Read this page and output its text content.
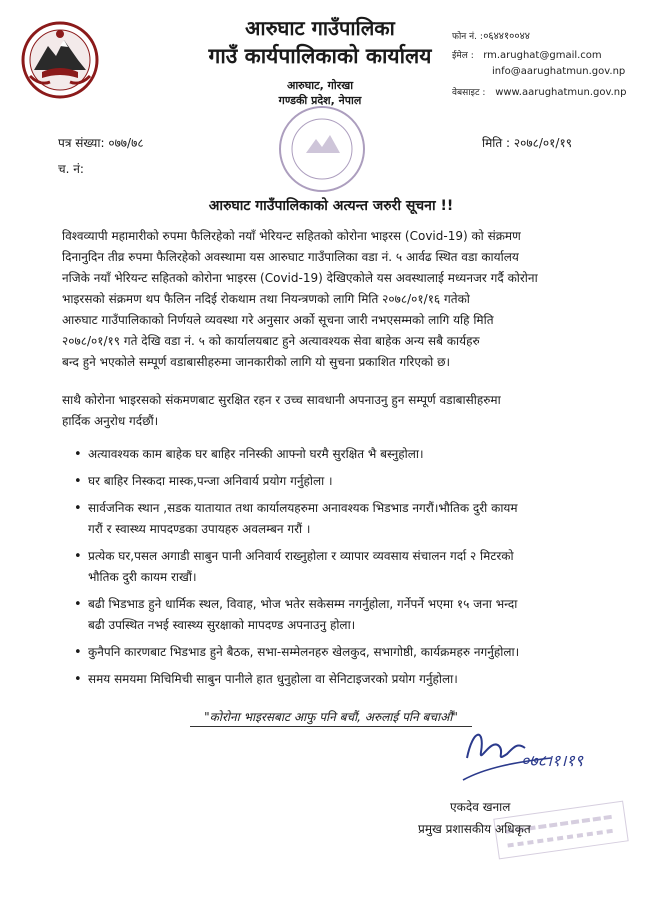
आरुघाट गाउँपालिका
गाउँ कार्यपालिकाको कार्यालय
आरुघाट, गोरखा
गण्डकी प्रदेश, नेपाल
फोन नं. : ०६४४१००४४
ईमेल : rm.arughat@gmail.com
info@aarughatmun.gov.np
वेबसाइट : www.aarughatmun.gov.np
पत्र संख्या: ०७७/७८
च. नं:
मिति : २०७८/०१/१९
आरुघाट गाउँपालिकाको अत्यन्त जरुरी सूचना !!
विश्वव्यापी महामारीको रुपमा फैलिरहेको नयाँ भेरियन्ट सहितको कोरोना भाइरस (Covid-19) को संक्रमण
दिनानुदिन तीव्र रुपमा फैलिरहेको अवस्थामा यस आरुघाट गाउँपालिका वडा नं. ५ आर्वढ स्थित वडा कार्यालय
नजिके नयाँ भेरियन्ट सहितको कोरोना भाइरस (Covid-19) देखिएकोले यस अवस्थालाई मध्यनजर गर्दै कोरोना
भाइरसको संक्रमण थप फैलिन नदिई रोकथाम तथा नियन्त्रणको लागि मिति २०७८/०१/१६ गतेको
आरुघाट गाउँपालिकाको निर्णयले व्यवस्था गरे अनुसार अर्को सूचना जारी नभएसम्मको लागि यहि मिति
२०७८/०१/१९ गते देखि वडा नं. ५ को कार्यालयबाट हुने अत्यावश्यक सेवा बाहेक अन्य सबै कार्यहरु
बन्द हुने भएकोले सम्पूर्ण वडाबासीहरुमा जानकारीको लागि यो सुचना प्रकाशित गरिएको छ।
साथै कोरोना भाइरसको संकमणबाट सुरक्षित रहन र उच्च सावधानी अपनाउनु हुन सम्पूर्ण वडाबासीहरुमा
हार्दिक अनुरोध गर्दछौं।
• अत्यावश्यक काम बाहेक घर बाहिर ननिस्की आफ्नो घरमै सुरक्षित भै बस्नुहोला।
• घर बाहिर निस्कदा मास्क,पन्जा अनिवार्य प्रयोग गर्नुहोला ।
• सार्वजनिक स्थान ,सडक यातायात तथा कार्यालयहरुमा अनावश्यक भिडभाड नगरौं।भौतिक दुरी कायम
गरौं र स्वास्थ्य मापदण्डका उपायहरु अवलम्बन गरौं ।
• प्रत्येक घर,पसल अगाडी साबुन पानी अनिवार्य राख्नुहोला र व्यापार व्यवसाय संचालन गर्दा २ मिटरको
भौतिक दुरी कायम राखौं।
• बढी भिडभाड हुने धार्मिक स्थल, विवाह, भोज भतेर सकेसम्म नगर्नुहोला, गर्नेपर्ने भएमा १५ जना भन्दा
बढी उपस्थित नभई स्वास्थ्य सुरक्षाको मापदण्ड अपनाउनु होला।
• कुनैपनि कारणबाट भिडभाड हुने बैठक, सभा-सम्मेलनहरु खेलकुद, सभागोष्ठी, कार्यक्रमहरु नगर्नुहोला।
• समय समयमा मिचिमिची साबुन पानीले हात धुनुहोला वा सेनिटाइजरको प्रयोग गर्नुहोला।
"कोरोना भाइरसबाट आफु पनि बचौं, अरुलाई पनि बचाऔं"
०७८।१।१९
एकदेव खनाल
प्रमुख प्रशासकीय अधिकृत
